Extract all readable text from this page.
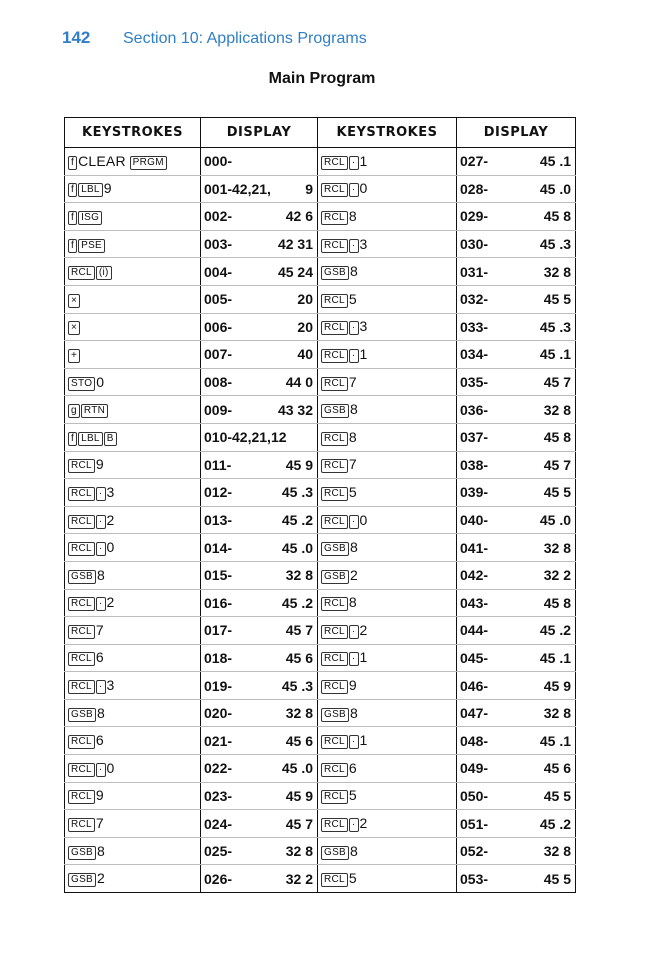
142 Section 10: Applications Programs
Main Program
KEYSTROKES	DISPLAY	KEYSTROKES	DISPLAY
f CLEAR PRGM	000-	RCL · 1	027- 45 .1

f LBL 9	001-42,21, 9	RCL · 0	028- 45 .0

f ISG	002- 42 6	RCL 8	029- 45 8

f PSE	003- 42 31	RCL · 3	030- 45 .3

RCL (i)	004- 45 24	GSB 8	031- 32 8

×	005- 20	RCL 5	032- 45 5

×	006- 20	RCL · 3	033- 45 .3

+	007- 40	RCL · 1	034- 45 .1

STO 0	008- 44 0	RCL 7	035- 45 7

g RTN	009- 43 32	GSB 8	036- 32 8

f LBL B	010-42,21,12	RCL 8	037- 45 8

RCL 9	011- 45 9	RCL 7	038- 45 7

RCL · 3	012- 45 .3	RCL 5	039- 45 5

RCL · 2	013- 45 .2	RCL · 0	040- 45 .0

RCL · 0	014- 45 .0	GSB 8	041- 32 8

GSB 8	015- 32 8	GSB 2	042- 32 2

RCL · 2	016- 45 .2	RCL 8	043- 45 8

RCL 7	017- 45 7	RCL · 2	044- 45 .2

RCL 6	018- 45 6	RCL · 1	045- 45 .1

RCL · 3	019- 45 .3	RCL 9	046- 45 9

GSB 8	020- 32 8	GSB 8	047- 32 8

RCL 6	021- 45 6	RCL · 1	048- 45 .1

RCL · 0	022- 45 .0	RCL 6	049- 45 6

RCL 9	023- 45 9	RCL 5	050- 45 5

RCL 7	024- 45 7	RCL · 2	051- 45 .2

GSB 8	025- 32 8	GSB 8	052- 32 8

GSB 2	026- 32 2	RCL 5	053- 45 5
